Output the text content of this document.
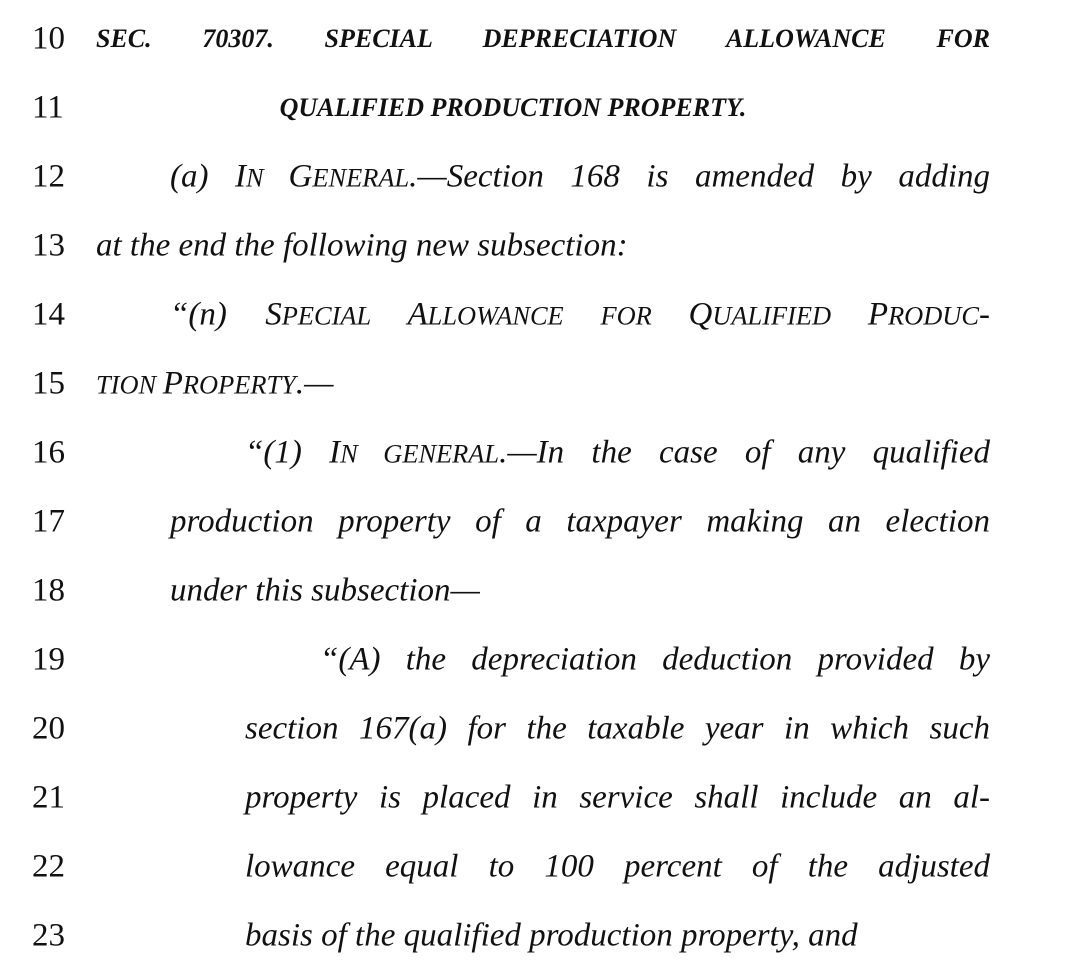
10 SEC. 70307. SPECIAL DEPRECIATION ALLOWANCE FOR
11	QUALIFIED PRODUCTION PROPERTY.
12	(a) IN GENERAL.—Section 168 is amended by adding
13 at the end the following new subsection:
14	“(n) SPECIAL ALLOWANCE FOR QUALIFIED PRODUC-
15 TION PROPERTY.—
16	“(1) IN GENERAL.—In the case of any qualified
17	production property of a taxpayer making an election
18	under this subsection—
19	“(A) the depreciation deduction provided by
20	section 167(a) for the taxable year in which such
21	property is placed in service shall include an al-
22	lowance equal to 100 percent of the adjusted
23	basis of the qualified production property, and
